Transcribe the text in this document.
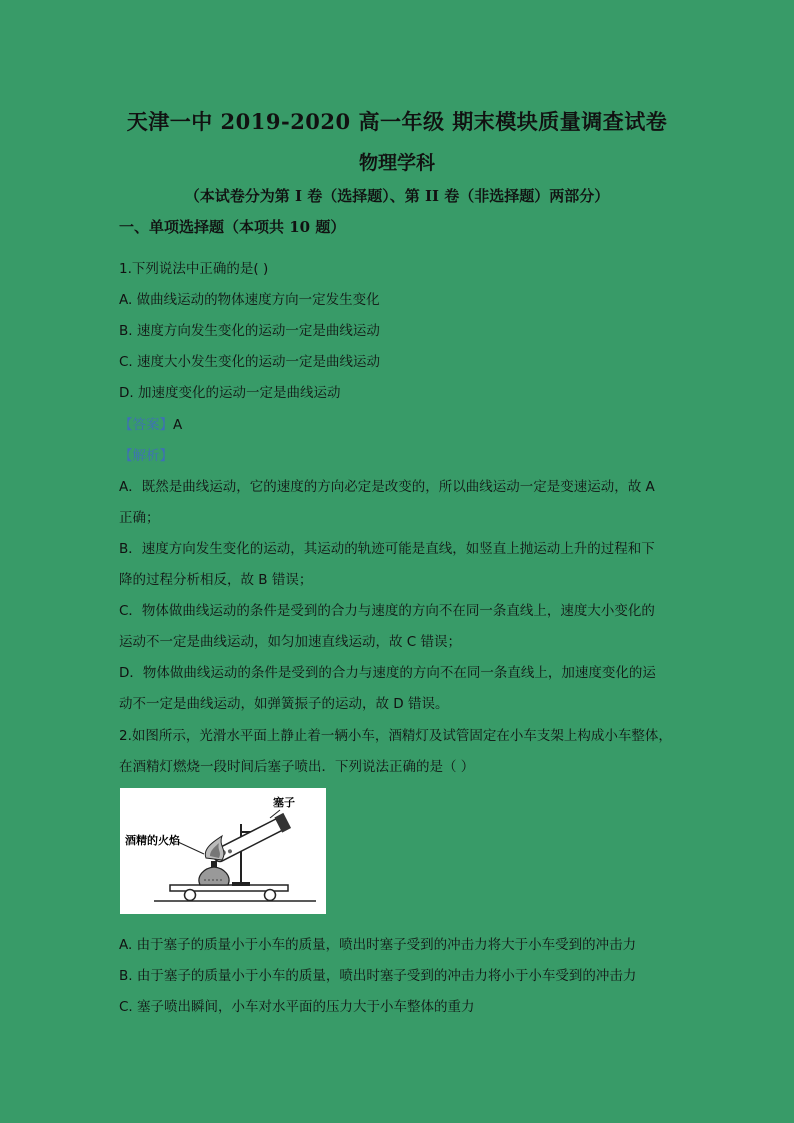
天津一中 2019-2020 高一年级 期末模块质量调查试卷
物理学科
（本试卷分为第 I 卷（选择题）、第 II 卷（非选择题）两部分）
一、单项选择题（本项共 10 题）
1.下列说法中正确的是( )
A. 做曲线运动的物体速度方向一定发生变化
B. 速度方向发生变化的运动一定是曲线运动
C. 速度大小发生变化的运动一定是曲线运动
D. 加速度变化的运动一定是曲线运动
【答案】A
【解析】
A．既然是曲线运动，它的速度的方向必定是改变的，所以曲线运动一定是变速运动，故 A
正确；
B．速度方向发生变化的运动，其运动的轨迹可能是直线，如竖直上抛运动上升的过程和下
降的过程分析相反，故 B 错误；
C．物体做曲线运动的条件是受到的合力与速度的方向不在同一条直线上，速度大小变化的
运动不一定是曲线运动，如匀加速直线运动，故 C 错误；
D．物体做曲线运动的条件是受到的合力与速度的方向不在同一条直线上，加速度变化的运
动不一定是曲线运动，如弹簧振子的运动，故 D 错误。
2.如图所示，光滑水平面上静止着一辆小车，酒精灯及试管固定在小车支架上构成小车整体，
在酒精灯燃烧一段时间后塞子喷出．下列说法正确的是（ ）
塞子
酒精的火焰
A. 由于塞子的质量小于小车的质量，喷出时塞子受到的冲击力将大于小车受到的冲击力
B. 由于塞子的质量小于小车的质量，喷出时塞子受到的冲击力将小于小车受到的冲击力
C. 塞子喷出瞬间，小车对水平面的压力大于小车整体的重力
